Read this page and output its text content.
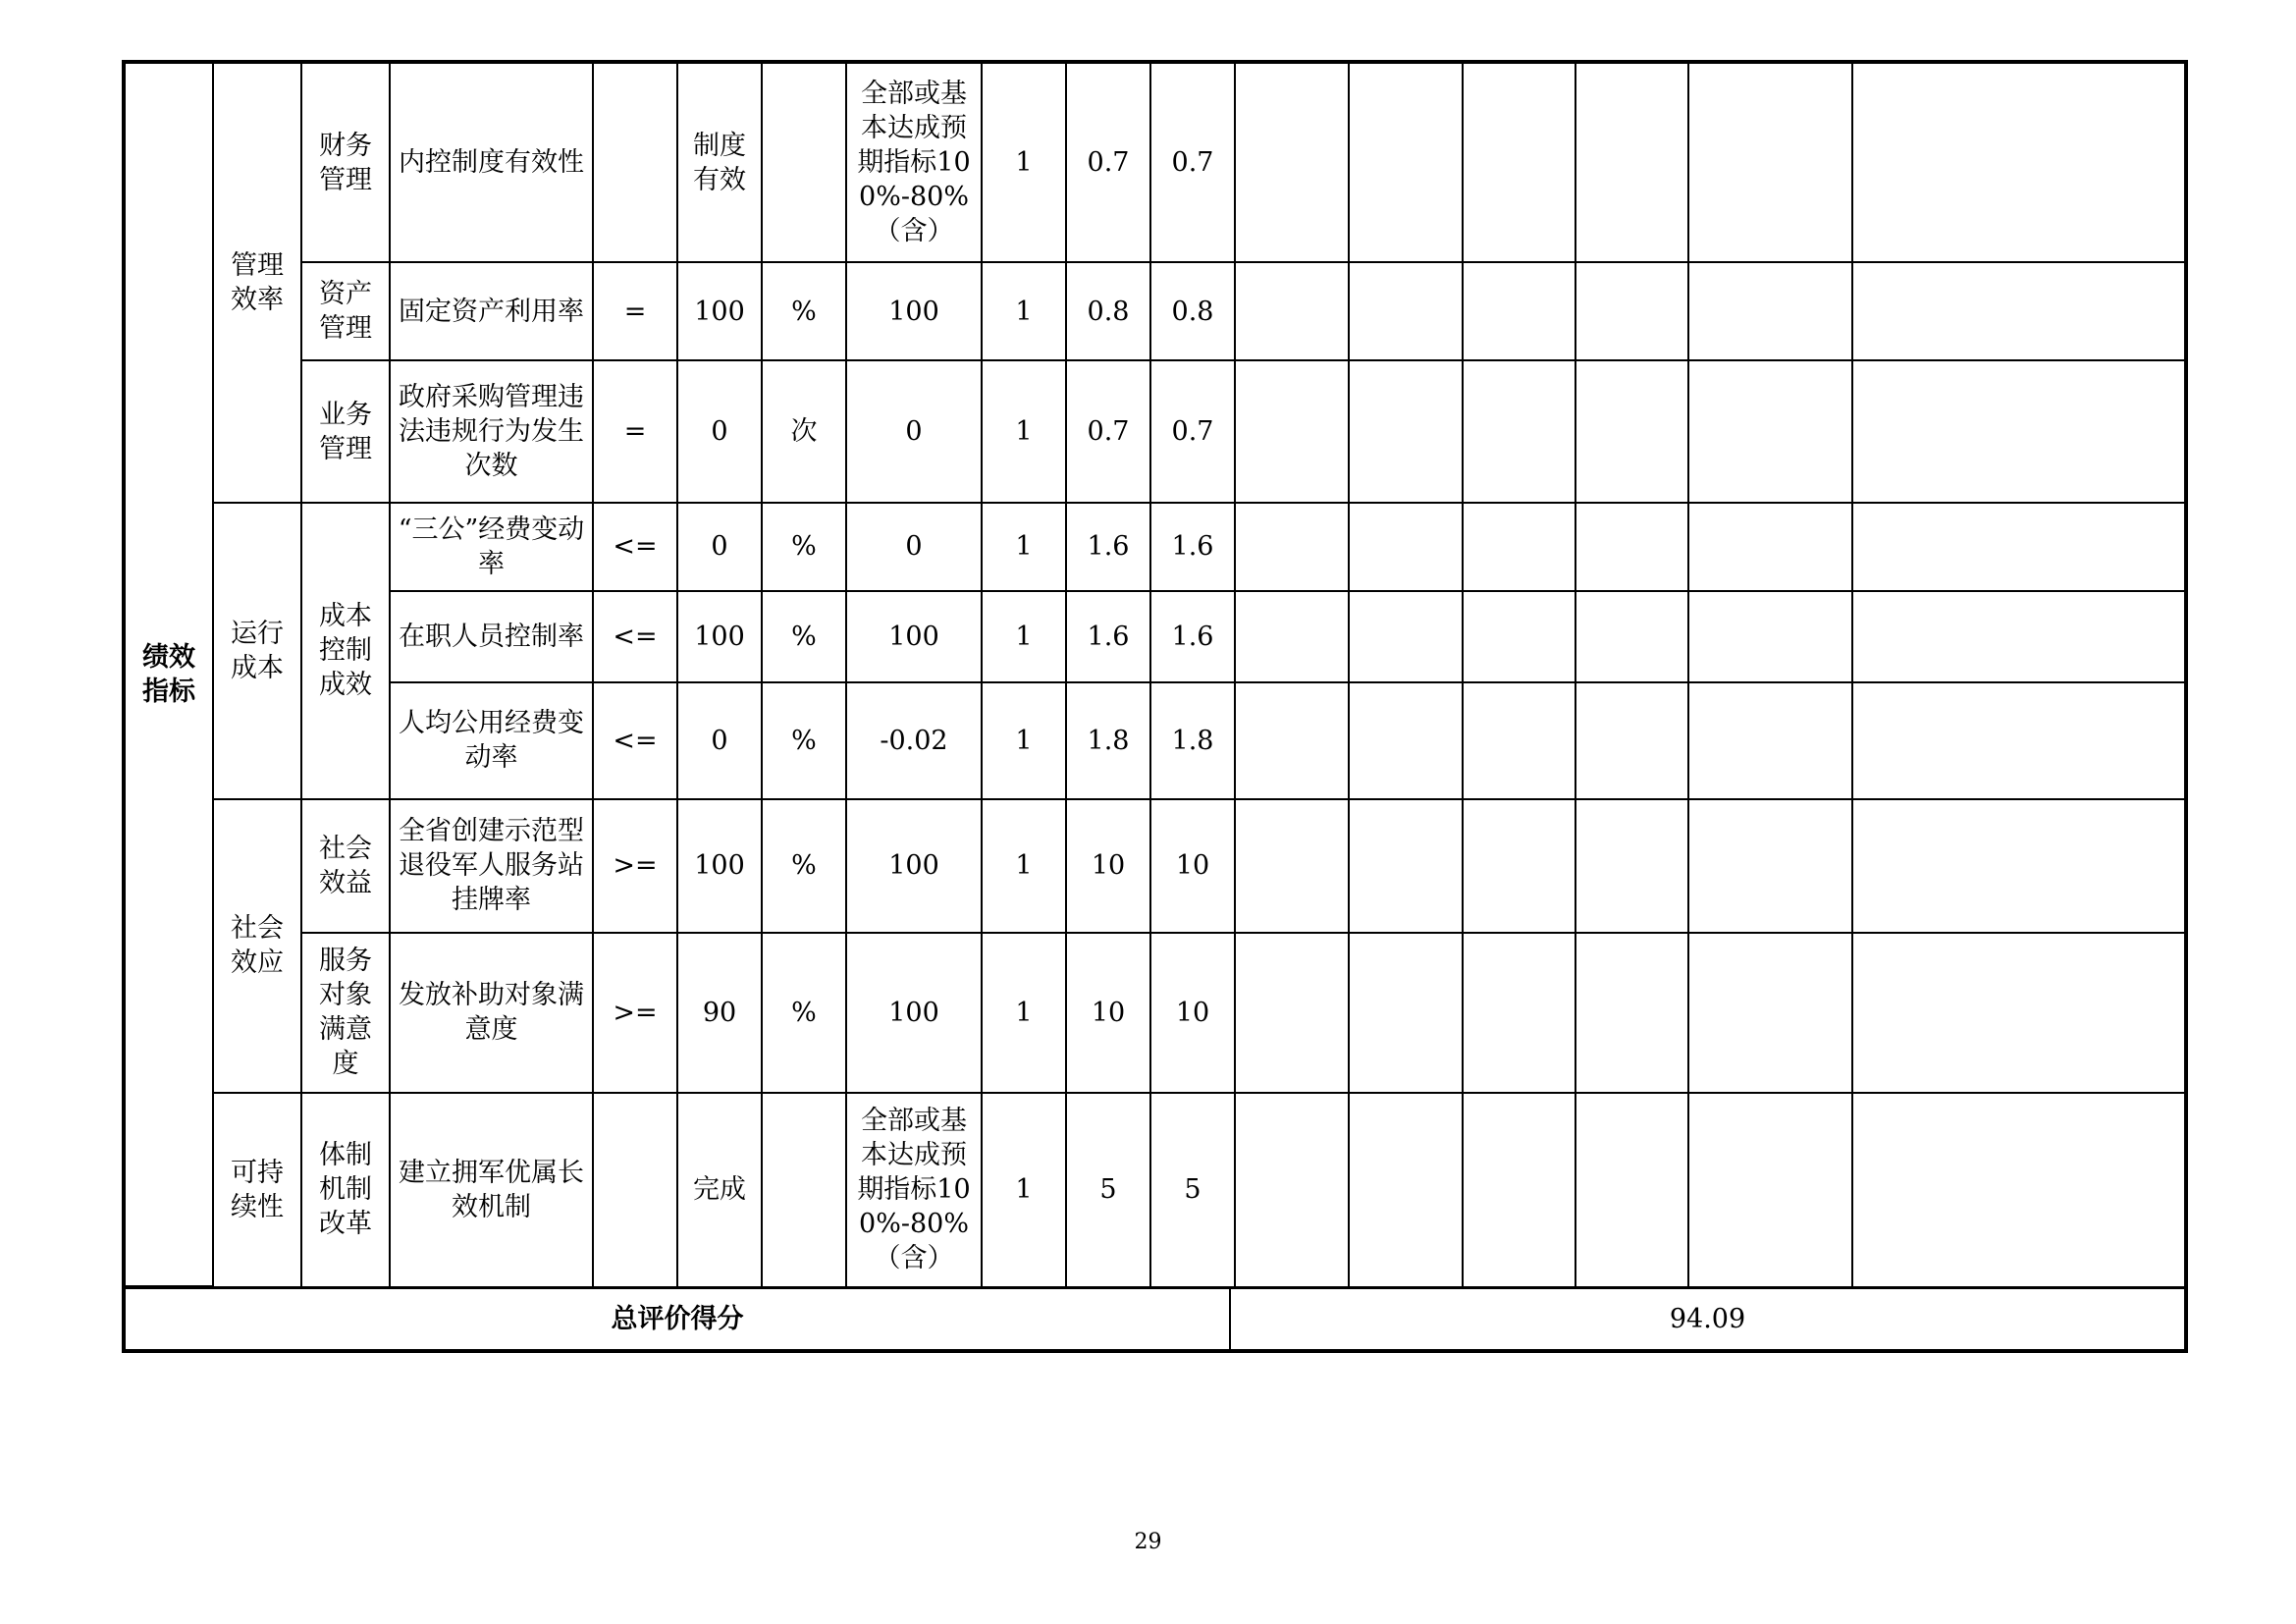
绩效指标	管理效率	财务管理	内控制度有效性		制度有效		全部或基本达成预期指标100%-80%（含）	1	0.7	0.7						
		资产管理	固定资产利用率	=	100	%	100	1	0.8	0.8						
		业务管理	政府采购管理违法违规行为发生次数	=	0	次	0	1	0.7	0.7						
	运行成本	成本控制成效	“三公”经费变动率	<=	0	%	0	1	1.6	1.6						
			在职人员控制率	<=	100	%	100	1	1.6	1.6						
			人均公用经费变动率	<=	0	%	-0.02	1	1.8	1.8						
	社会效应	社会效益	全省创建示范型退役军人服务站挂牌率	>=	100	%	100	1	10	10						
		服务对象满意度	发放补助对象满意度	>=	90	%	100	1	10	10						
	可持续性	体制机制改革	建立拥军优属长效机制		完成		全部或基本达成预期指标100%-80%（含）	1	5	5						
总评价得分	94.09
29
